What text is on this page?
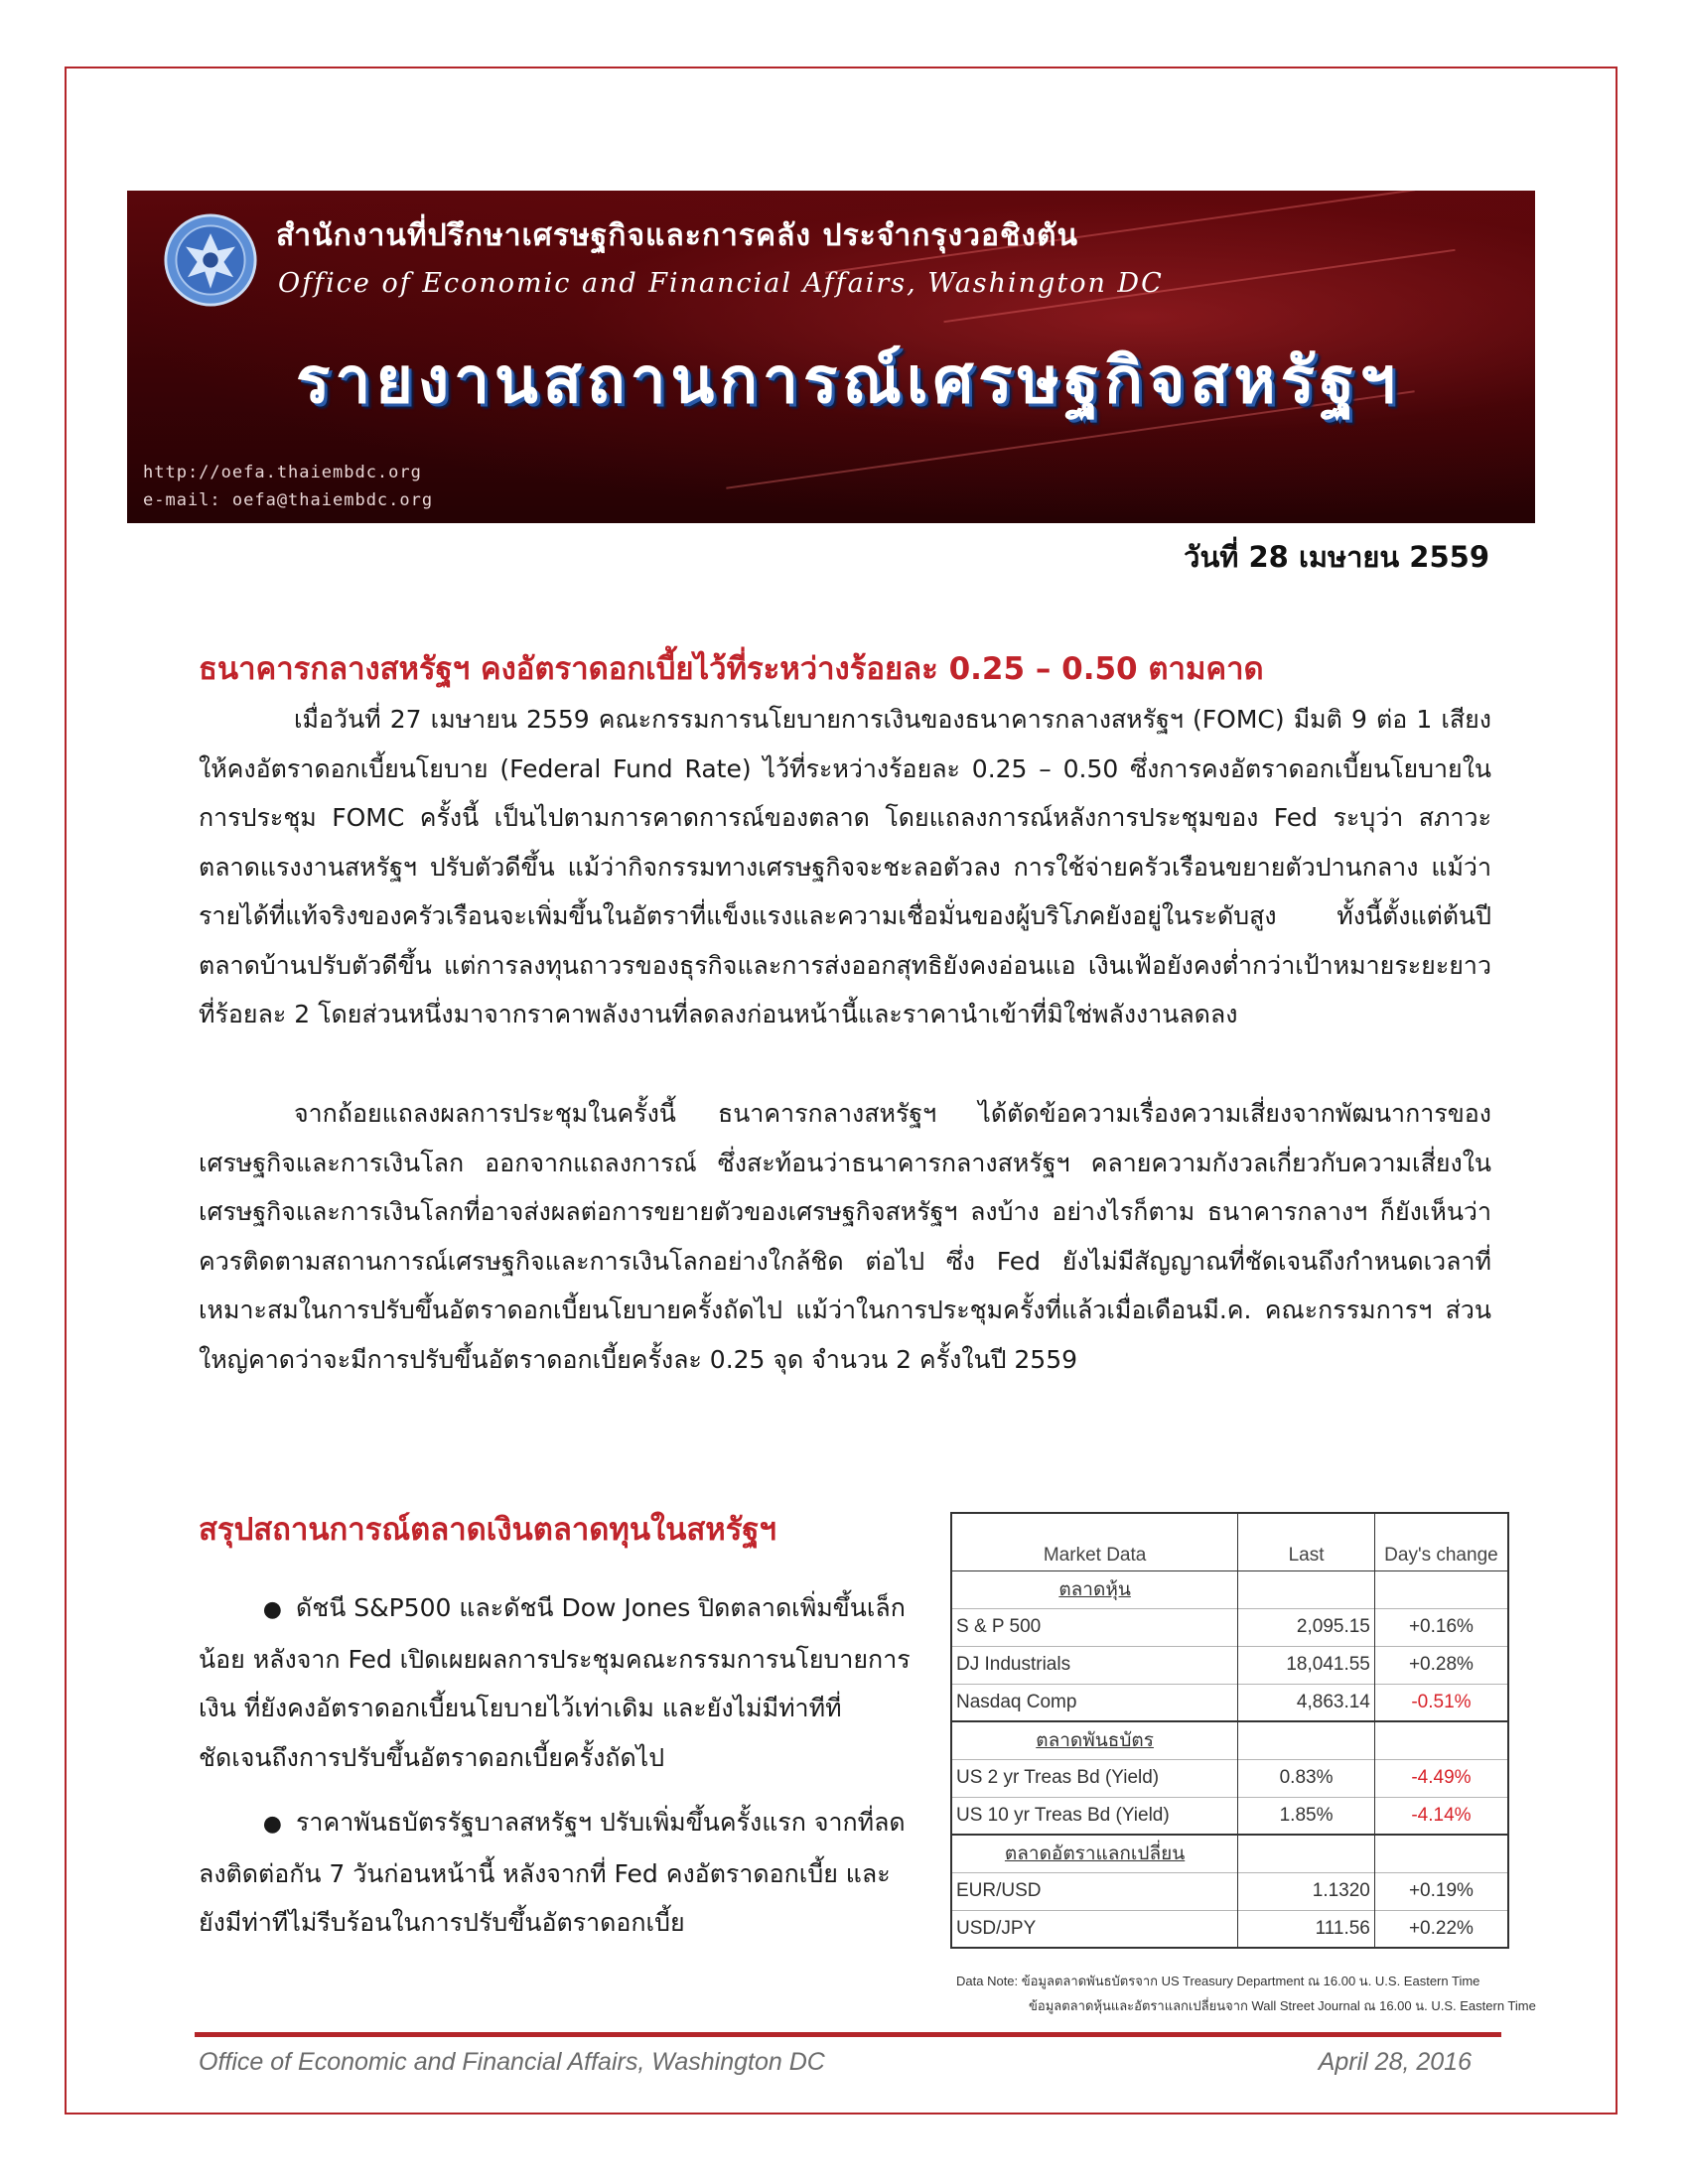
สำนักงานที่ปรึกษาเศรษฐกิจและการคลัง ประจำกรุงวอชิงตัน
Office of Economic and Financial Affairs, Washington DC
รายงานสถานการณ์เศรษฐกิจสหรัฐฯ
http://oefa.thaiembdc.org
e-mail: oefa@thaiembdc.org
วันที่ 28 เมษายน 2559
ธนาคารกลางสหรัฐฯ คงอัตราดอกเบี้ยไว้ที่ระหว่างร้อยละ 0.25 – 0.50 ตามคาด
เมื่อวันที่ 27 เมษายน 2559 คณะกรรมการนโยบายการเงินของธนาคารกลางสหรัฐฯ (FOMC) มีมติ 9 ต่อ 1 เสียง ให้คงอัตราดอกเบี้ยนโยบาย (Federal Fund Rate) ไว้ที่ระหว่างร้อยละ 0.25 – 0.50 ซึ่งการคงอัตราดอกเบี้ยนโยบายในการประชุม FOMC ครั้งนี้ เป็นไปตามการคาดการณ์ของตลาด โดยแถลงการณ์หลังการประชุมของ Fed ระบุว่า สภาวะตลาดแรงงานสหรัฐฯ ปรับตัวดีขึ้น แม้ว่ากิจกรรมทางเศรษฐกิจจะชะลอตัวลง การใช้จ่ายครัวเรือนขยายตัวปานกลาง แม้ว่ารายได้ที่แท้จริงของครัวเรือนจะเพิ่มขึ้นในอัตราที่แข็งแรงและความเชื่อมั่นของผู้บริโภคยังอยู่ในระดับสูง ทั้งนี้ตั้งแต่ต้นปีตลาดบ้านปรับตัวดีขึ้น แต่การลงทุนถาวรของธุรกิจและการส่งออกสุทธิยังคงอ่อนแอ เงินเฟ้อยังคงต่ำกว่าเป้าหมายระยะยาวที่ร้อยละ 2 โดยส่วนหนึ่งมาจากราคาพลังงานที่ลดลงก่อนหน้านี้และราคานำเข้าที่มิใช่พลังงานลดลง
จากถ้อยแถลงผลการประชุมในครั้งนี้ ธนาคารกลางสหรัฐฯ ได้ตัดข้อความเรื่องความเสี่ยงจากพัฒนาการของเศรษฐกิจและการเงินโลก ออกจากแถลงการณ์ ซึ่งสะท้อนว่าธนาคารกลางสหรัฐฯ คลายความกังวลเกี่ยวกับความเสี่ยงในเศรษฐกิจและการเงินโลกที่อาจส่งผลต่อการขยายตัวของเศรษฐกิจสหรัฐฯ ลงบ้าง อย่างไรก็ตาม ธนาคารกลางฯ ก็ยังเห็นว่า ควรติดตามสถานการณ์เศรษฐกิจและการเงินโลกอย่างใกล้ชิด ต่อไป ซึ่ง Fed ยังไม่มีสัญญาณที่ชัดเจนถึงกำหนดเวลาที่เหมาะสมในการปรับขึ้นอัตราดอกเบี้ยนโยบายครั้งถัดไป แม้ว่าในการประชุมครั้งที่แล้วเมื่อเดือนมี.ค. คณะกรรมการฯ ส่วนใหญ่คาดว่าจะมีการปรับขึ้นอัตราดอกเบี้ยครั้งละ 0.25 จุด จำนวน 2 ครั้งในปี 2559
สรุปสถานการณ์ตลาดเงินตลาดทุนในสหรัฐฯ

● ดัชนี S&P500 และดัชนี Dow Jones ปิดตลาดเพิ่มขึ้นเล็กน้อย หลังจาก Fed เปิดเผยผลการประชุมคณะกรรมการนโยบายการเงิน ที่ยังคงอัตราดอกเบี้ยนโยบายไว้เท่าเดิม และยังไม่มีท่าทีที่ชัดเจนถึงการปรับขึ้นอัตราดอกเบี้ยครั้งถัดไป

● ราคาพันธบัตรรัฐบาลสหรัฐฯ ปรับเพิ่มขึ้นครั้งแรก จากที่ลดลงติดต่อกัน 7 วันก่อนหน้านี้ หลังจากที่ Fed คงอัตราดอกเบี้ย และยังมีท่าทีไม่รีบร้อนในการปรับขึ้นอัตราดอกเบี้ย

Market Data	Last	Day's change
ตลาดหุ้น		
S & P 500	2,095.15	+0.16%
DJ Industrials	18,041.55	+0.28%
Nasdaq Comp	4,863.14	-0.51%
ตลาดพันธบัตร		
US 2 yr Treas Bd (Yield)	0.83%	-4.49%
US 10 yr Treas Bd (Yield)	1.85%	-4.14%
ตลาดอัตราแลกเปลี่ยน		
EUR/USD	1.1320	+0.19%
USD/JPY	111.56	+0.22%
Data Note: ข้อมูลตลาดพันธบัตรจาก US Treasury Department ณ 16.00 น. U.S. Eastern Time
ข้อมูลตลาดหุ้นและอัตราแลกเปลี่ยนจาก Wall Street Journal ณ 16.00 น. U.S. Eastern Time
Office of Economic and Financial Affairs, Washington DC	April 28, 2016
